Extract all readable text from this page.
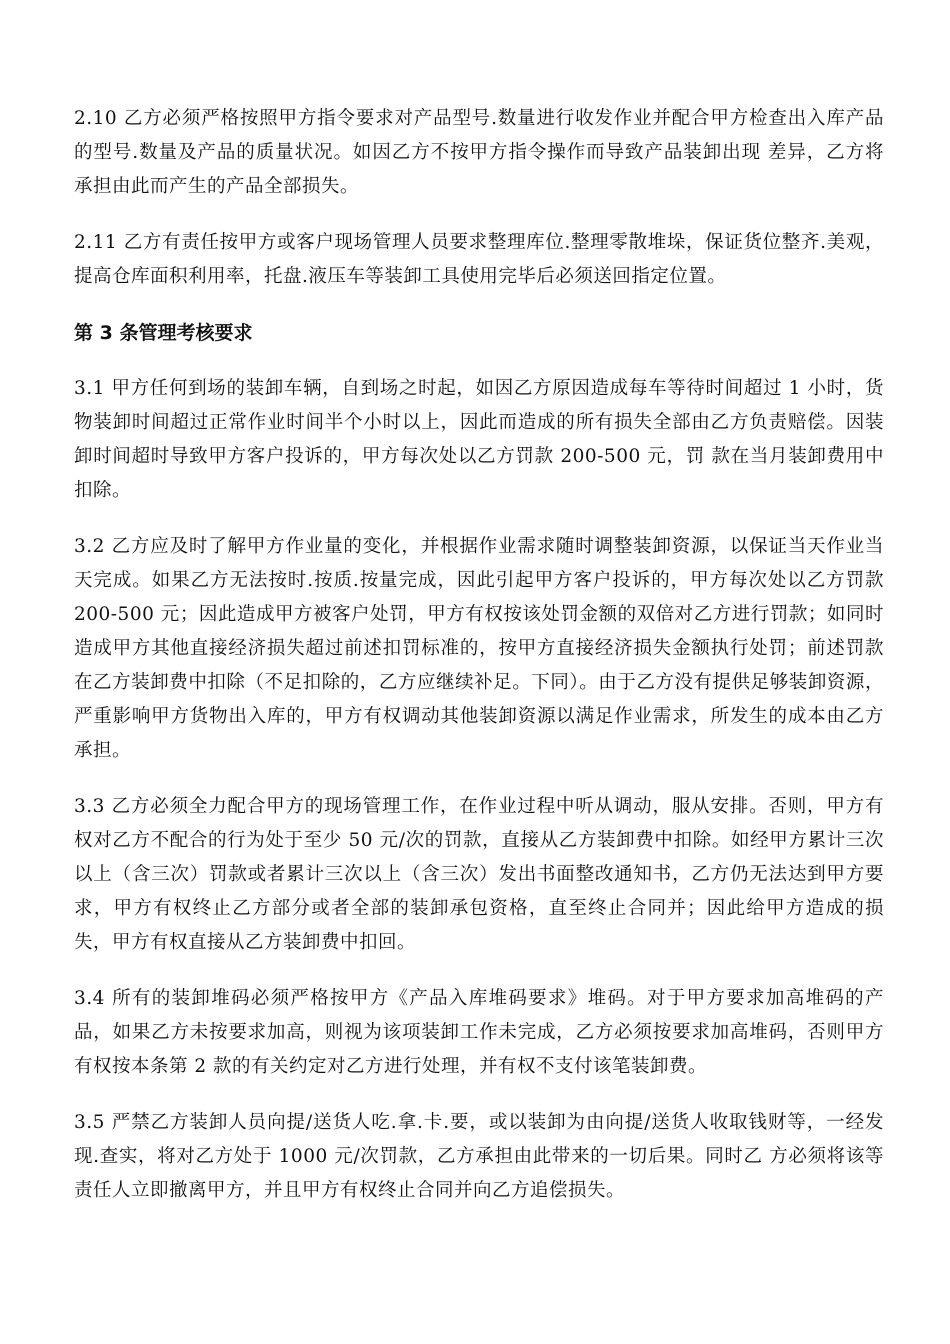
2.10 乙方必须严格按照甲方指令要求对产品型号.数量进行收发作业并配合甲方检查出入库产品的型号.数量及产品的质量状况。如因乙方不按甲方指令操作而导致产品装卸出现 差异，乙方将承担由此而产生的产品全部损失。

2.11 乙方有责任按甲方或客户现场管理人员要求整理库位.整理零散堆垛，保证货位整齐.美观，提高仓库面积利用率，托盘.液压车等装卸工具使用完毕后必须送回指定位置。

第 3 条管理考核要求

3.1 甲方任何到场的装卸车辆，自到场之时起，如因乙方原因造成每车等待时间超过 1 小时，货物装卸时间超过正常作业时间半个小时以上，因此而造成的所有损失全部由乙方负责赔偿。因装卸时间超时导致甲方客户投诉的，甲方每次处以乙方罚款 200-500 元，罚 款在当月装卸费用中扣除。

3.2 乙方应及时了解甲方作业量的变化，并根据作业需求随时调整装卸资源，以保证当天作业当天完成。如果乙方无法按时.按质.按量完成，因此引起甲方客户投诉的，甲方每次处以乙方罚款 200-500 元；因此造成甲方被客户处罚，甲方有权按该处罚金额的双倍对乙方进行罚款；如同时造成甲方其他直接经济损失超过前述扣罚标准的，按甲方直接经济损失金额执行处罚；前述罚款在乙方装卸费中扣除（不足扣除的，乙方应继续补足。下同）。由于乙方没有提供足够装卸资源，严重影响甲方货物出入库的，甲方有权调动其他装卸资源以满足作业需求，所发生的成本由乙方承担。

3.3 乙方必须全力配合甲方的现场管理工作，在作业过程中听从调动，服从安排。否则，甲方有权对乙方不配合的行为处于至少 50 元/次的罚款，直接从乙方装卸费中扣除。如经甲方累计三次以上（含三次）罚款或者累计三次以上（含三次）发出书面整改通知书，乙方仍无法达到甲方要求，甲方有权终止乙方部分或者全部的装卸承包资格，直至终止合同并；因此给甲方造成的损失，甲方有权直接从乙方装卸费中扣回。

3.4 所有的装卸堆码必须严格按甲方《产品入库堆码要求》堆码。对于甲方要求加高堆码的产品，如果乙方未按要求加高，则视为该项装卸工作未完成，乙方必须按要求加高堆码，否则甲方有权按本条第 2 款的有关约定对乙方进行处理，并有权不支付该笔装卸费。

3.5 严禁乙方装卸人员向提/送货人吃.拿.卡.要，或以装卸为由向提/送货人收取钱财等，一经发现.查实，将对乙方处于 1000 元/次罚款，乙方承担由此带来的一切后果。同时乙 方必须将该等责任人立即撤离甲方，并且甲方有权终止合同并向乙方追偿损失。
